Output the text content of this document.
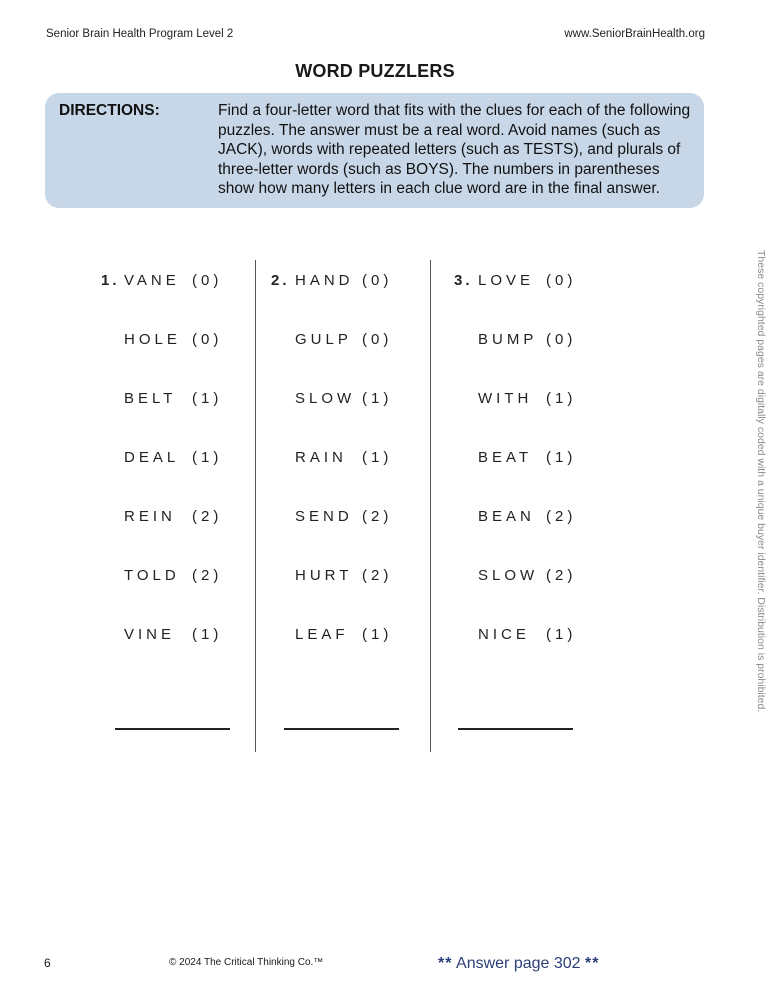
Senior Brain Health Program Level 2	www.SeniorBrainHealth.org
WORD PUZZLERS
DIRECTIONS:	Find a four-letter word that fits with the clues for each of the following
puzzles. The answer must be a real word. Avoid names (such as
JACK), words with repeated letters (such as TESTS), and plurals of
three-letter words (such as BOYS). The numbers in parentheses
show how many letters in each clue word are in the final answer.
1. VANE (0)
HOLE (0)
BELT (1)
DEAL (1)
REIN (2)
TOLD (2)
VINE (1)
2. HAND (0)
GULP (0)
SLOW (1)
RAIN (1)
SEND (2)
HURT (2)
LEAF (1)
3. LOVE (0)
BUMP (0)
WITH (1)
BEAT (1)
BEAN (2)
SLOW (2)
NICE (1)	These copyrighted pages are digitally coded with a unique buyer identifier. Distribution is prohibited.
6	© 2024 The Critical Thinking Co.™	** Answer page 302 **
